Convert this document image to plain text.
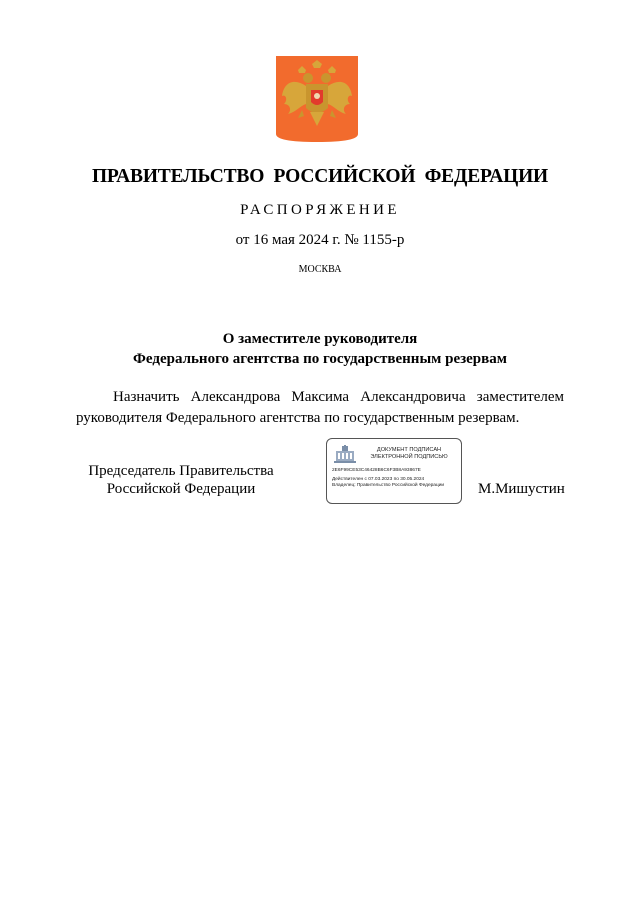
ПРАВИТЕЛЬСТВО  РОССИЙСКОЙ  ФЕДЕРАЦИИ
РАСПОРЯЖЕНИЕ
от 16 мая 2024 г. № 1155-р
МОСКВА
О заместителе руководителя
Федерального агентства по государственным резервам
Назначить Александрова Максима Александровича заместителем руководителя Федерального агентства по государственным резервам.
Председатель Правительства
Российской Федерации
ДОКУМЕНТ ПОДПИСАН
ЭЛЕКТРОННОЙ ПОДПИСЬЮ
2E6F99CE53C46428B6C6F3B8A93867E
Действителен с 07.03.2023 по 30.05.2024
Владелец: Правительство Российской Федерации	М.Мишустин
